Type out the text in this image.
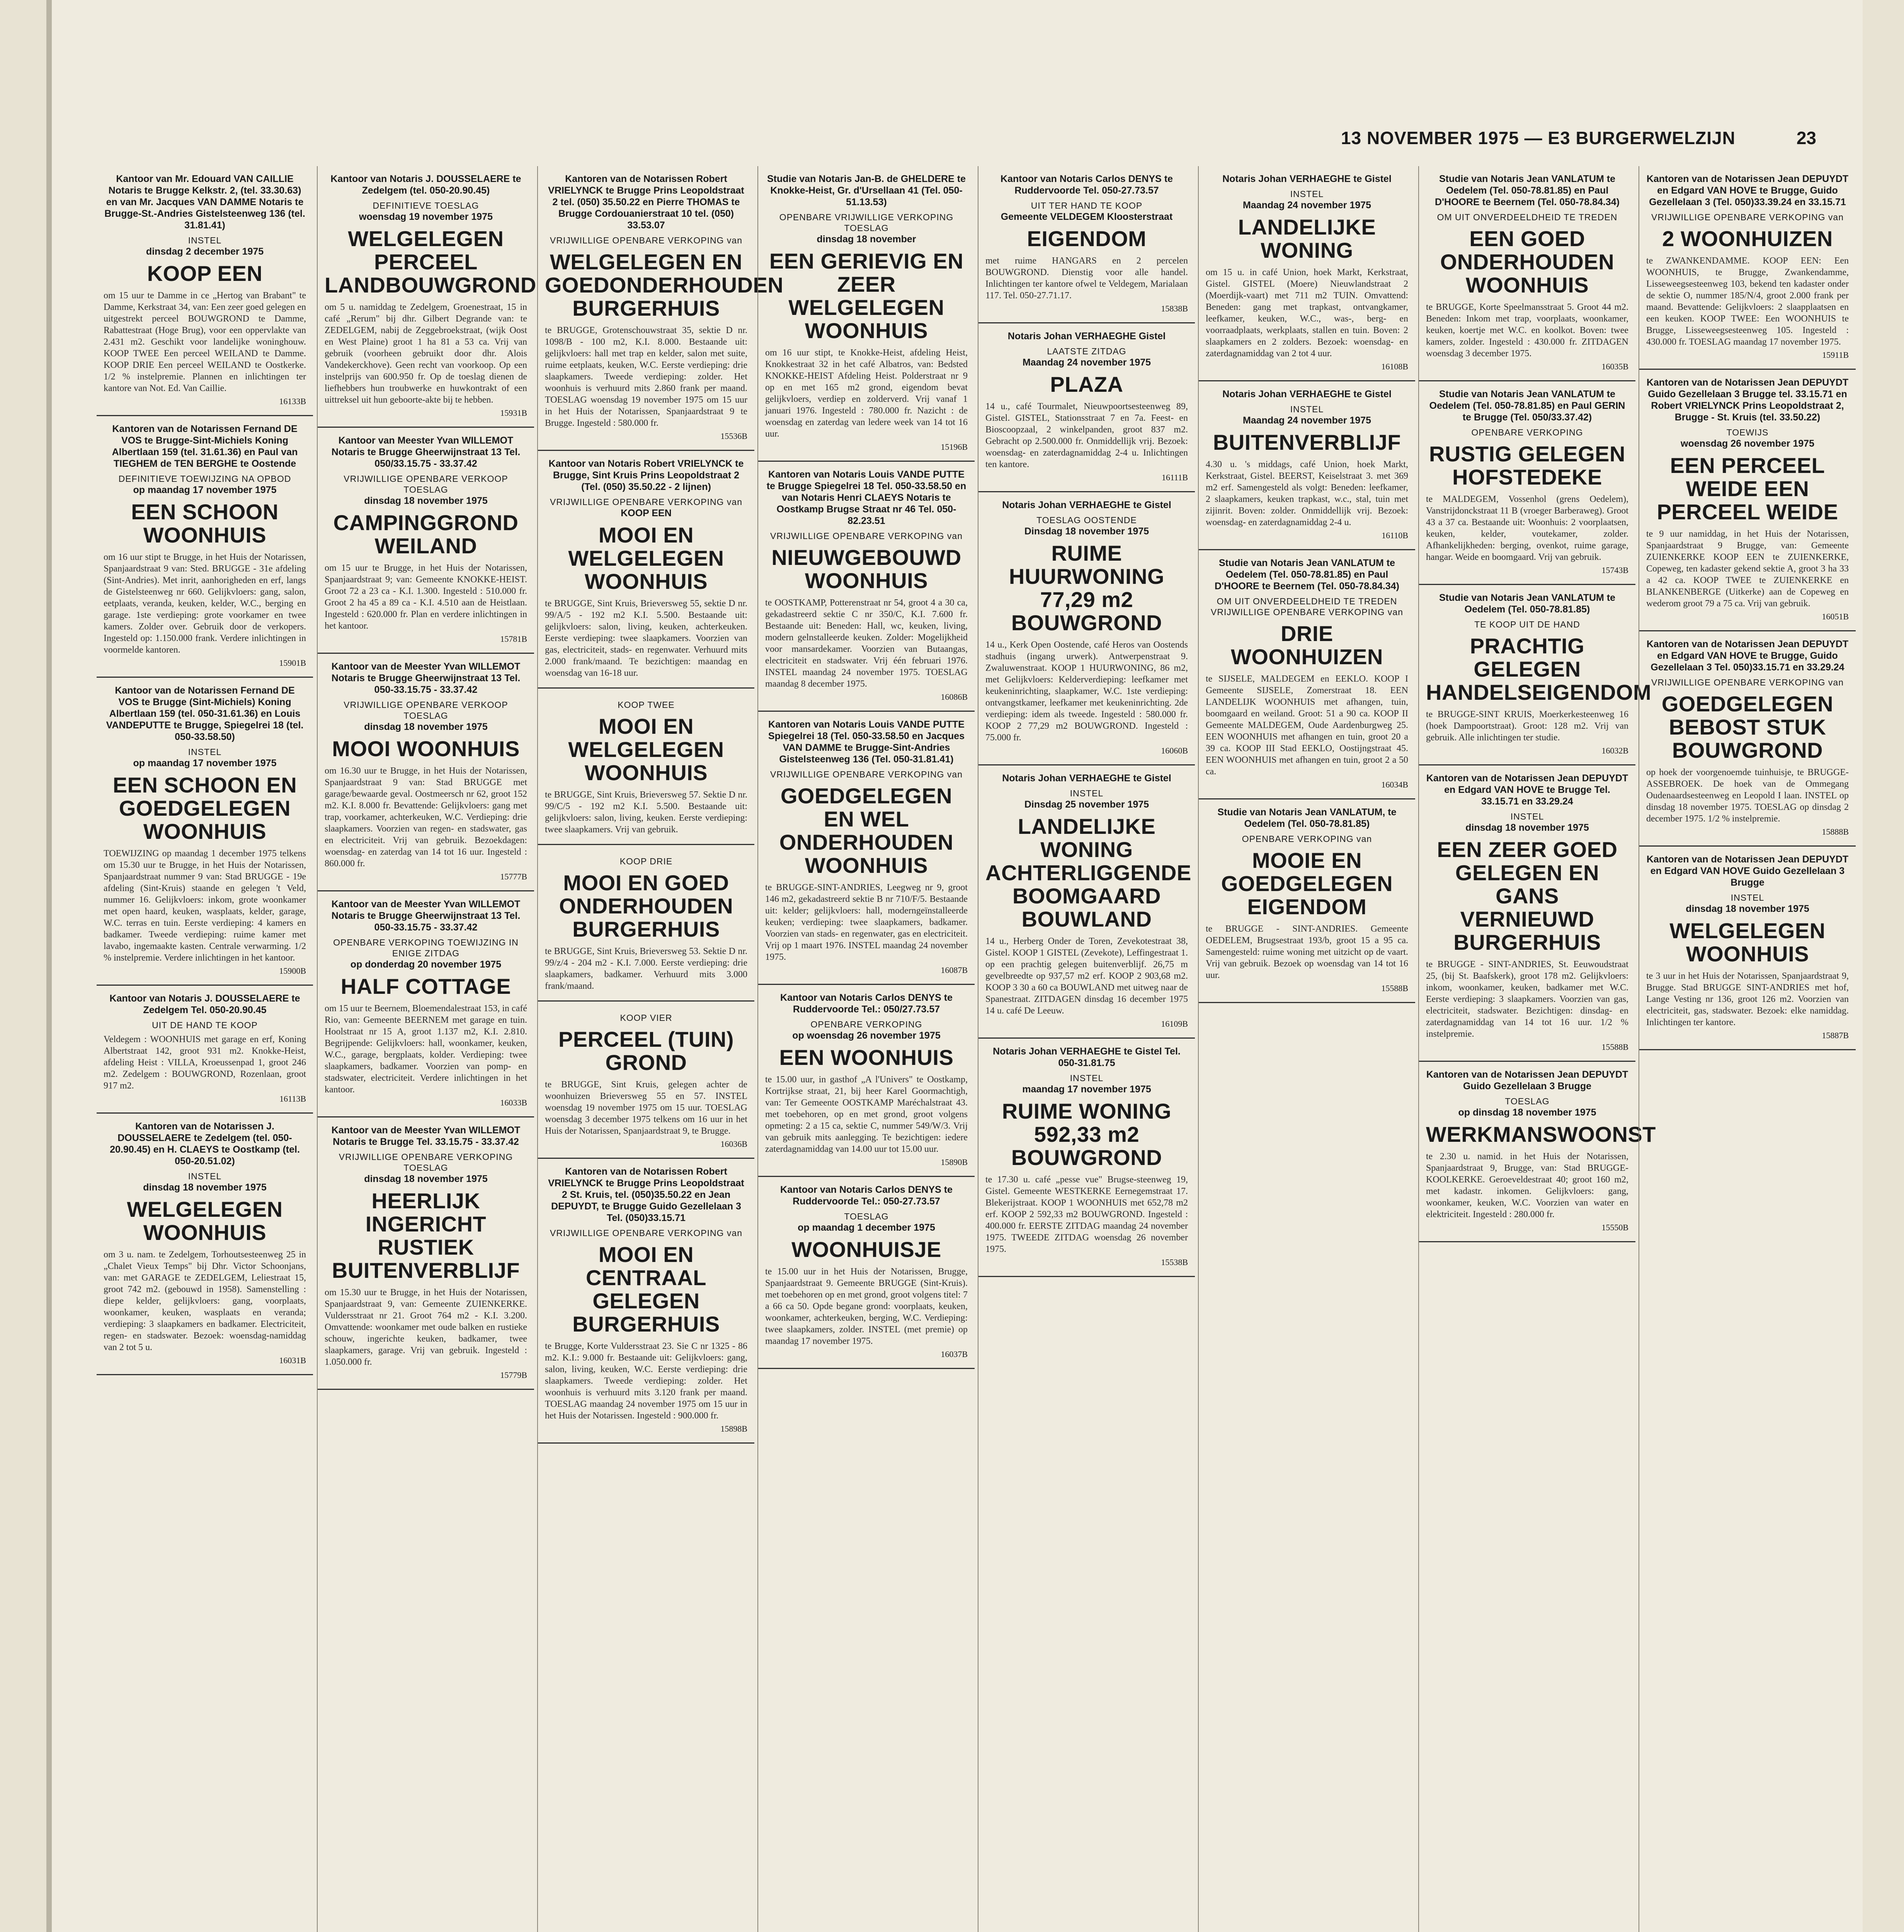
13 NOVEMBER 1975 — E3 BURGERWELZIJN	23
Kantoor van Mr. Edouard VAN CAILLIE Notaris te Brugge Kelkstr. 2, (tel. 33.30.63) en van Mr. Jacques VAN DAMME Notaris te Brugge-St.-Andries Gistelsteenweg 136 (tel. 31.81.41)
INSTEL
dinsdag 2 december 1975
KOOP EEN
om 15 uur te Damme in ce „Hertog van Brabant" te Damme, Kerkstraat 34, van: Een zeer goed gelegen en uitgestrekt perceel BOUWGROND te Damme, Rabattestraat (Hoge Brug), voor een oppervlakte van 2.431 m2. Geschikt voor landelijke woninghouw. KOOP TWEE Een perceel WEILAND te Damme. KOOP DRIE Een perceel WEILAND te Oostkerke. 1/2 % instelpremie. Plannen en inlichtingen ter kantore van Not. Ed. Van Caillie.
16133B
Kantoren van de Notarissen Fernand DE VOS te Brugge-Sint-Michiels Koning Albertlaan 159 (tel. 31.61.36) en Paul van TIEGHEM de TEN BERGHE te Oostende
DEFINITIEVE TOEWIJZING NA OPBOD
op maandag 17 november 1975
EEN SCHOON WOONHUIS
om 16 uur stipt te Brugge, in het Huis der Notarissen, Spanjaardstraat 9 van: Sted. BRUGGE - 31e afdeling (Sint-Andries). Met inrit, aanhorigheden en erf, langs de Gistelsteenweg nr 660. Gelijkvloers: gang, salon, eetplaats, veranda, keuken, kelder, W.C., berging en garage. 1ste verdieping: grote voorkamer en twee kamers. Zolder over. Gebruik door de verkopers. Ingesteld op: 1.150.000 frank. Verdere inlichtingen in voormelde kantoren.
15901B
Kantoor van de Notarissen Fernand DE VOS te Brugge (Sint-Michiels) Koning Albertlaan 159 (tel. 050-31.61.36) en Louis VANDEPUTTE te Brugge, Spiegelrei 18 (tel. 050-33.58.50)
INSTEL
op maandag 17 november 1975
EEN SCHOON EN GOEDGELEGEN WOONHUIS
TOEWIJZING op maandag 1 december 1975 telkens om 15.30 uur te Brugge, in het Huis der Notarissen, Spanjaardstraat nummer 9 van: Stad BRUGGE - 19e afdeling (Sint-Kruis) staande en gelegen 't Veld, nummer 16. Gelijkvloers: inkom, grote woonkamer met open haard, keuken, wasplaats, kelder, garage, W.C. terras en tuin. Eerste verdieping: 4 kamers en badkamer. Tweede verdieping: ruime kamer met lavabo, ingemaakte kasten. Centrale verwarming. 1/2 % instelpremie. Verdere inlichtingen in het kantoor.
15900B
Kantoor van Notaris J. DOUSSELAERE te Zedelgem Tel. 050-20.90.45
UIT DE HAND TE KOOP
Veldegem : WOONHUIS met garage en erf, Koning Albertstraat 142, groot 931 m2. Knokke-Heist, afdeling Heist : VILLA, Kroeussenpad 1, groot 246 m2. Zedelgem : BOUWGROND, Rozenlaan, groot 917 m2.
16113B
Kantoren van de Notarissen J. DOUSSELAERE te Zedelgem (tel. 050-20.90.45) en H. CLAEYS te Oostkamp (tel. 050-20.51.02)
INSTEL
dinsdag 18 november 1975
WELGELEGEN WOONHUIS
om 3 u. nam. te Zedelgem, Torhoutsesteenweg 25 in „Chalet Vieux Temps" bij Dhr. Victor Schoonjans, van: met GARAGE te ZEDELGEM, Leliestraat 15, groot 742 m2. (gebouwd in 1958). Samenstelling : diepe kelder, gelijkvloers: gang, voorplaats, woonkamer, keuken, wasplaats en veranda; verdieping: 3 slaapkamers en badkamer. Electriciteit, regen- en stadswater. Bezoek: woensdag-namiddag van 2 tot 5 u.
16031B
Kantoor van Notaris J. DOUSSELAERE te Zedelgem (tel. 050-20.90.45)
DEFINITIEVE TOESLAG
woensdag 19 november 1975
WELGELEGEN PERCEEL LANDBOUWGROND
om 5 u. namiddag te Zedelgem, Groenestraat, 15 in café „Rerum" bij dhr. Gilbert Degrande van: te ZEDELGEM, nabij de Zeggebroekstraat, (wijk Oost en West Plaine) groot 1 ha 81 a 53 ca. Vrij van gebruik (voorheen gebruikt door dhr. Alois Vandekerckhove). Geen recht van voorkoop. Op een instelprijs van 600.950 fr. Op de toeslag dienen de liefhebbers hun troubwerke en huwkontrakt of een uittreksel uit hun geboorte-akte bij te hebben.
15931B
Kantoor van Meester Yvan WILLEMOT Notaris te Brugge Gheerwijnstraat 13 Tel. 050/33.15.75 - 33.37.42
VRIJWILLIGE OPENBARE VERKOOP TOESLAG
dinsdag 18 november 1975
CAMPINGGROND WEILAND
om 15 uur te Brugge, in het Huis der Notarissen, Spanjaardstraat 9; van: Gemeente KNOKKE-HEIST. Groot 72 a 23 ca - K.I. 1.300. Ingesteld : 510.000 fr. Groot 2 ha 45 a 89 ca - K.I. 4.510 aan de Heistlaan. Ingesteld : 620.000 fr. Plan en verdere inlichtingen in het kantoor.
15781B
Kantoor van de Meester Yvan WILLEMOT Notaris te Brugge Gheerwijnstraat 13 Tel. 050-33.15.75 - 33.37.42
VRIJWILLIGE OPENBARE VERKOOP TOESLAG
dinsdag 18 november 1975
MOOI WOONHUIS
om 16.30 uur te Brugge, in het Huis der Notarissen, Spanjaardstraat 9 van: Stad BRUGGE met garage/bewaarde geval. Oostmeersch nr 62, groot 152 m2. K.I. 8.000 fr. Bevattende: Gelijkvloers: gang met trap, voorkamer, achterkeuken, W.C. Verdieping: drie slaapkamers. Voorzien van regen- en stadswater, gas en electriciteit. Vrij van gebruik. Bezoekdagen: woensdag- en zaterdag van 14 tot 16 uur. Ingesteld : 860.000 fr.
15777B
Kantoor van de Meester Yvan WILLEMOT Notaris te Brugge Gheerwijnstraat 13 Tel. 050-33.15.75 - 33.37.42
OPENBARE VERKOPING TOEWIJZING IN ENIGE ZITDAG
op donderdag 20 november 1975
HALF COTTAGE
om 15 uur te Beernem, Bloemendalestraat 153, in café Rio, van: Gemeente BEERNEM met garage en tuin. Hoolstraat nr 15 A, groot 1.137 m2, K.I. 2.810. Begrijpende: Gelijkvloers: hall, woonkamer, keuken, W.C., garage, bergplaats, kolder. Verdieping: twee slaapkamers, badkamer. Voorzien van pomp- en stadswater, electriciteit. Verdere inlichtingen in het kantoor.
16033B
Kantoor van de Meester Yvan WILLEMOT Notaris te Brugge Tel. 33.15.75 - 33.37.42
VRIJWILLIGE OPENBARE VERKOPING TOESLAG
dinsdag 18 november 1975
HEERLIJK INGERICHT RUSTIEK BUITENVERBLIJF
om 15.30 uur te Brugge, in het Huis der Notarissen, Spanjaardstraat 9, van: Gemeente ZUIENKERKE. Vuldersstraat nr 21. Groot 764 m2 - K.I. 3.200. Omvattende: woonkamer met oude balken en rustieke schouw, ingerichte keuken, badkamer, twee slaapkamers, garage. Vrij van gebruik. Ingesteld : 1.050.000 fr.
15779B
Kantoren van de Notarissen Robert VRIELYNCK te Brugge Prins Leopoldstraat 2 tel. (050) 35.50.22 en Pierre THOMAS te Brugge Cordouanierstraat 10 tel. (050) 33.53.07
VRIJWILLIGE OPENBARE VERKOPING van
WELGELEGEN EN GOEDONDERHOUDEN BURGERHUIS
te BRUGGE, Grotenschouwstraat 35, sektie D nr. 1098/B - 100 m2, K.I. 8.000. Bestaande uit: gelijkvloers: hall met trap en kelder, salon met suite, ruime eetplaats, keuken, W.C. Eerste verdieping: drie slaapkamers. Tweede verdieping: zolder. Het woonhuis is verhuurd mits 2.860 frank per maand. TOESLAG woensdag 19 november 1975 om 15 uur in het Huis der Notarissen, Spanjaardstraat 9 te Brugge. Ingesteld : 580.000 fr.
15536B
Kantoor van Notaris Robert VRIELYNCK te Brugge, Sint Kruis Prins Leopoldstraat 2 (Tel. (050) 35.50.22 - 2 lijnen)
VRIJWILLIGE OPENBARE VERKOPING van
KOOP EEN
MOOI EN WELGELEGEN WOONHUIS
te BRUGGE, Sint Kruis, Brieversweg 55, sektie D nr. 99/A/5 - 192 m2 K.I. 5.500. Bestaande uit: gelijkvloers: salon, living, keuken, achterkeuken. Eerste verdieping: twee slaapkamers. Voorzien van gas, electriciteit, stads- en regenwater. Verhuurd mits 2.000 frank/maand. Te bezichtigen: maandag en woensdag van 16-18 uur.
KOOP TWEE
MOOI EN WELGELEGEN WOONHUIS
te BRUGGE, Sint Kruis, Brieversweg 57. Sektie D nr. 99/C/5 - 192 m2 K.I. 5.500. Bestaande uit: gelijkvloers: salon, living, keuken. Eerste verdieping: twee slaapkamers. Vrij van gebruik.
KOOP DRIE
MOOI EN GOED ONDERHOUDEN BURGERHUIS
te BRUGGE, Sint Kruis, Brieversweg 53. Sektie D nr. 99/z/4 - 204 m2 - K.I. 7.000. Eerste verdieping: drie slaapkamers, badkamer. Verhuurd mits 3.000 frank/maand.
KOOP VIER
PERCEEL (TUIN) GROND
te BRUGGE, Sint Kruis, gelegen achter de woonhuizen Brieversweg 55 en 57. INSTEL woensdag 19 november 1975 om 15 uur. TOESLAG woensdag 3 december 1975 telkens om 16 uur in het Huis der Notarissen, Spanjaardstraat 9, te Brugge.
16036B
Kantoren van de Notarissen Robert VRIELYNCK te Brugge Prins Leopoldstraat 2 St. Kruis, tel. (050)35.50.22 en Jean DEPUYDT, te Brugge Guido Gezellelaan 3 Tel. (050)33.15.71
VRIJWILLIGE OPENBARE VERKOPING van
MOOI EN CENTRAAL GELEGEN BURGERHUIS
te Brugge, Korte Vuldersstraat 23. Sie C nr 1325 - 86 m2. K.I.: 9.000 fr. Bestaande uit: Gelijkvloers: gang, salon, living, keuken, W.C. Eerste verdieping: drie slaapkamers. Tweede verdieping: zolder. Het woonhuis is verhuurd mits 3.120 frank per maand. TOESLAG maandag 24 november 1975 om 15 uur in het Huis der Notarissen. Ingesteld : 900.000 fr.
15898B
Studie van Notaris Jan-B. de GHELDERE te Knokke-Heist, Gr. d'Ursellaan 41 (Tel. 050-51.13.53)
OPENBARE VRIJWILLIGE VERKOPING TOESLAG
dinsdag 18 november
EEN GERIEVIG EN ZEER WELGELEGEN WOONHUIS
om 16 uur stipt, te Knokke-Heist, afdeling Heist, Knokkestraat 32 in het café Albatros, van: Bedsted KNOKKE-HEIST Afdeling Heist. Polderstraat nr 9 op en met 165 m2 grond, eigendom bevat gelijkvloers, verdiep en zolderverd. Vrij vanaf 1 januari 1976. Ingesteld : 780.000 fr. Nazicht : de woensdag en zaterdag van ledere week van 14 tot 16 uur.
15196B
Kantoren van Notaris Louis VANDE PUTTE te Brugge Spiegelrei 18 Tel. 050-33.58.50 en van Notaris Henri CLAEYS Notaris te Oostkamp Brugse Straat nr 46 Tel. 050-82.23.51
VRIJWILLIGE OPENBARE VERKOPING van
NIEUWGEBOUWD WOONHUIS
te OOSTKAMP, Potterenstraat nr 54, groot 4 a 30 ca, gekadastreerd sektie C nr 350/C, K.I. 7.600 fr. Bestaande uit: Beneden: Hall, wc, keuken, living, modern gelnstalleerde keuken. Zolder: Mogelijkheid voor mansardekamer. Voorzien van Butaangas, electriciteit en stadswater. Vrij één februari 1976. INSTEL maandag 24 november 1975. TOESLAG maandag 8 december 1975.
16086B
Kantoren van Notaris Louis VANDE PUTTE Spiegelrei 18 (Tel. 050-33.58.50 en Jacques VAN DAMME te Brugge-Sint-Andries Gistelsteenweg 136 (Tel. 050-31.81.41)
VRIJWILLIGE OPENBARE VERKOPING van
GOEDGELEGEN EN WEL ONDERHOUDEN WOONHUIS
te BRUGGE-SINT-ANDRIES, Leegweg nr 9, groot 146 m2, gekadastreerd sektie B nr 710/F/5. Bestaande uit: kelder; gelijkvloers: hall, moderngeïnstalleerde keuken; verdieping: twee slaapkamers, badkamer. Voorzien van stads- en regenwater, gas en electriciteit. Vrij op 1 maart 1976. INSTEL maandag 24 november 1975.
16087B
Kantoor van Notaris Carlos DENYS te Ruddervoorde Tel.: 050/27.73.57
OPENBARE VERKOPING
op woensdag 26 november 1975
EEN WOONHUIS
te 15.00 uur, in gasthof „A l'Univers" te Oostkamp, Kortrijkse straat, 21, bij heer Karel Goormachtigh, van: Ter Gemeente OOSTKAMP Maréchalstraat 43. met toebehoren, op en met grond, groot volgens opmeting: 2 a 15 ca, sektie C, nummer 549/W/3. Vrij van gebruik mits aanlegging. Te bezichtigen: iedere zaterdagnamiddag van 14.00 uur tot 15.00 uur.
15890B
Kantoor van Notaris Carlos DENYS te Ruddervoorde Tel.: 050-27.73.57
TOESLAG
op maandag 1 december 1975
WOONHUISJE
te 15.00 uur in het Huis der Notarissen, Brugge, Spanjaardstraat 9. Gemeente BRUGGE (Sint-Kruis). met toebehoren op en met grond, groot volgens titel: 7 a 66 ca 50. Opde begane grond: voorplaats, keuken, woonkamer, achterkeuken, berging, W.C. Verdieping: twee slaapkamers, zolder. INSTEL (met premie) op maandag 17 november 1975.
16037B
Kantoor van Notaris Carlos DENYS te Ruddervoorde Tel. 050-27.73.57
UIT TER HAND TE KOOP
Gemeente VELDEGEM Kloosterstraat
EIGENDOM
met ruime HANGARS en 2 percelen BOUWGROND. Dienstig voor alle handel. Inlichtingen ter kantore ofwel te Veldegem, Marialaan 117. Tel. 050-27.71.17.
15838B
Notaris Johan VERHAEGHE Gistel
LAATSTE ZITDAG
Maandag 24 november 1975
PLAZA
14 u., café Tourmalet, Nieuwpoortsesteenweg 89, Gistel. GISTEL, Stationsstraat 7 en 7a. Feest- en Bioscoopzaal, 2 winkelpanden, groot 837 m2. Gebracht op 2.500.000 fr. Onmiddellijk vrij. Bezoek: woensdag- en zaterdagnamiddag 2-4 u. Inlichtingen ten kantore.
16111B
Notaris Johan VERHAEGHE te Gistel
TOESLAG OOSTENDE
Dinsdag 18 november 1975
RUIME HUURWONING 77,29 m2 BOUWGROND
14 u., Kerk Open Oostende, café Heros van Oostends stadhuis (ingang urwerk). Antwerpenstraat 9. Zwaluwenstraat. KOOP 1 HUURWONING, 86 m2, met Gelijkvloers: Kelderverdieping: leefkamer met keukeninrichting, slaapkamer, W.C. 1ste verdieping: ontvangstkamer, leefkamer met keukeninrichting. 2de verdieping: idem als tweede. Ingesteld : 580.000 fr. KOOP 2 77,29 m2 BOUWGROND. Ingesteld : 75.000 fr.
16060B
Notaris Johan VERHAEGHE te Gistel
INSTEL
Dinsdag 25 november 1975
LANDELIJKE WONING ACHTERLIGGENDE BOOMGAARD BOUWLAND
14 u., Herberg Onder de Toren, Zevekotestraat 38, Gistel. KOOP 1 GISTEL (Zevekote), Leffingestraat 1. op een prachtig gelegen buitenverblijf. 26,75 m gevelbreedte op 937,57 m2 erf. KOOP 2 903,68 m2. KOOP 3 30 a 60 ca BOUWLAND met uitweg naar de Spanestraat. ZITDAGEN dinsdag 16 december 1975 14 u. café De Leeuw.
16109B
Notaris Johan VERHAEGHE te Gistel Tel. 050-31.81.75
INSTEL
maandag 17 november 1975
RUIME WONING 592,33 m2 BOUWGROND
te 17.30 u. café „pesse vue" Brugse-steenweg 19, Gistel. Gemeente WESTKERKE Eernegemstraat 17. Blekerijstraat. KOOP 1 WOONHUIS met 652,78 m2 erf. KOOP 2 592,33 m2 BOUWGROND. Ingesteld : 400.000 fr. EERSTE ZITDAG maandag 24 november 1975. TWEEDE ZITDAG woensdag 26 november 1975.
15538B
Notaris Johan VERHAEGHE te Gistel
INSTEL
Maandag 24 november 1975
LANDELIJKE WONING
om 15 u. in café Union, hoek Markt, Kerkstraat, Gistel. GISTEL (Moere) Nieuwlandstraat 2 (Moerdijk-vaart) met 711 m2 TUIN. Omvattend: Beneden: gang met trapkast, ontvangkamer, leefkamer, keuken, W.C., was-, berg- en voorraadplaats, werkplaats, stallen en tuin. Boven: 2 slaapkamers en 2 zolders. Bezoek: woensdag- en zaterdagnamiddag van 2 tot 4 uur.
16108B
Notaris Johan VERHAEGHE te Gistel
INSTEL
Maandag 24 november 1975
BUITENVERBLIJF
4.30 u. 's middags, café Union, hoek Markt, Kerkstraat, Gistel. BEERST, Keiselstraat 3. met 369 m2 erf. Samengesteld als volgt: Beneden: leefkamer, 2 slaapkamers, keuken trapkast, w.c., stal, tuin met zijinrit. Boven: zolder. Onmiddellijk vrij. Bezoek: woensdag- en zaterdagnamiddag 2-4 u.
16110B
Studie van Notaris Jean VANLATUM te Oedelem (Tel. 050-78.81.85) en Paul D'HOORE te Beernem (Tel. 050-78.84.34)
OM UIT ONVERDEELDHEID TE TREDEN VRIJWILLIGE OPENBARE VERKOPING van
DRIE WOONHUIZEN
te SIJSELE, MALDEGEM en EEKLO. KOOP I Gemeente SIJSELE, Zomerstraat 18. EEN LANDELIJK WOONHUIS met afhangen, tuin, boomgaard en weiland. Groot: 51 a 90 ca. KOOP II Gemeente MALDEGEM, Oude Aardenburgweg 25. EEN WOONHUIS met afhangen en tuin, groot 20 a 39 ca. KOOP III Stad EEKLO, Oostijngstraat 45. EEN WOONHUIS met afhangen en tuin, groot 2 a 50 ca.
16034B
Studie van Notaris Jean VANLATUM, te Oedelem (Tel. 050-78.81.85)
OPENBARE VERKOPING van
MOOIE EN GOEDGELEGEN EIGENDOM
te BRUGGE - SINT-ANDRIES. Gemeente OEDELEM, Brugsestraat 193/b, groot 15 a 95 ca. Samengesteld: ruime woning met uitzicht op de vaart. Vrij van gebruik. Bezoek op woensdag van 14 tot 16 uur.
15588B
Studie van Notaris Jean VANLATUM te Oedelem (Tel. 050-78.81.85) en Paul D'HOORE te Beernem (Tel. 050-78.84.34)
OM UIT ONVERDEELDHEID TE TREDEN
EEN GOED ONDERHOUDEN WOONHUIS
te BRUGGE, Korte Speelmansstraat 5. Groot 44 m2. Beneden: Inkom met trap, voorplaats, woonkamer, keuken, koertje met W.C. en koolkot. Boven: twee kamers, zolder. Ingesteld : 430.000 fr. ZITDAGEN woensdag 3 december 1975.
16035B
Studie van Notaris Jean VANLATUM te Oedelem (Tel. 050-78.81.85) en Paul GERIN te Brugge (Tel. 050/33.37.42)
OPENBARE VERKOPING
RUSTIG GELEGEN HOFSTEDEKE
te MALDEGEM, Vossenhol (grens Oedelem), Vanstrijdonckstraat 11 B (vroeger Barberaweg). Groot 43 a 37 ca. Bestaande uit: Woonhuis: 2 voorplaatsen, keuken, kelder, voutekamer, zolder. Afhankelijkheden: berging, ovenkot, ruime garage, hangar. Weide en boomgaard. Vrij van gebruik.
15743B
Studie van Notaris Jean VANLATUM te Oedelem (Tel. 050-78.81.85)
TE KOOP UIT DE HAND
PRACHTIG GELEGEN HANDELSEIGENDOM
te BRUGGE-SINT KRUIS, Moerkerkesteenweg 16 (hoek Dampoortstraat). Groot: 128 m2. Vrij van gebruik. Alle inlichtingen ter studie.
16032B
Kantoren van de Notarissen Jean DEPUYDT en Edgard VAN HOVE te Brugge Tel. 33.15.71 en 33.29.24
INSTEL
dinsdag 18 november 1975
EEN ZEER GOED GELEGEN EN GANS VERNIEUWD BURGERHUIS
te BRUGGE - SINT-ANDRIES, St. Eeuwoudstraat 25, (bij St. Baafskerk), groot 178 m2. Gelijkvloers: inkom, woonkamer, keuken, badkamer met W.C. Eerste verdieping: 3 slaapkamers. Voorzien van gas, electriciteit, stadswater. Bezichtigen: dinsdag- en zaterdagnamiddag van 14 tot 16 uur. 1/2 % instelpremie.
15588B
Kantoren van de Notarissen Jean DEPUYDT Guido Gezellelaan 3 Brugge
TOESLAG
op dinsdag 18 november 1975
WERKMANSWOONST
te 2.30 u. namid. in het Huis der Notarissen, Spanjaardstraat 9, Brugge, van: Stad BRUGGE-KOOLKERKE. Geroeveldestraat 40; groot 160 m2, met kadastr. inkomen. Gelijkvloers: gang, woonkamer, keuken, W.C. Voorzien van water en elektriciteit. Ingesteld : 280.000 fr.
15550B
Kantoren van de Notarissen Jean DEPUYDT en Edgard VAN HOVE te Brugge, Guido Gezellelaan 3 (Tel. 050)33.39.24 en 33.15.71
VRIJWILLIGE OPENBARE VERKOPING van
2 WOONHUIZEN
te ZWANKENDAMME. KOOP EEN: Een WOONHUIS, te Brugge, Zwankendamme, Lisseweegsesteenweg 103, bekend ten kadaster onder de sektie O, nummer 185/N/4, groot 2.000 frank per maand. Bevattende: Gelijkvloers: 2 slaapplaatsen en een keuken. KOOP TWEE: Een WOONHUIS te Brugge, Lisseweegsesteenweg 105. Ingesteld : 430.000 fr. TOESLAG maandag 17 november 1975.
15911B
Kantoren van de Notarissen Jean DEPUYDT Guido Gezellelaan 3 Brugge tel. 33.15.71 en Robert VRIELYNCK Prins Leopoldstraat 2, Brugge - St. Kruis (tel. 33.50.22)
TOEWIJS
woensdag 26 november 1975
EEN PERCEEL WEIDE EEN PERCEEL WEIDE
te 9 uur namiddag, in het Huis der Notarissen, Spanjaardstraat 9 Brugge, van: Gemeente ZUIENKERKE KOOP EEN te ZUIENKERKE, Copeweg, ten kadaster gekend sektie A, groot 3 ha 33 a 42 ca. KOOP TWEE te ZUIENKERKE en BLANKENBERGE (Uitkerke) aan de Copeweg en wederom groot 79 a 75 ca. Vrij van gebruik.
16051B
Kantoren van de Notarissen Jean DEPUYDT en Edgard VAN HOVE te Brugge, Guido Gezellelaan 3 Tel. 050)33.15.71 en 33.29.24
VRIJWILLIGE OPENBARE VERKOPING van
GOEDGELEGEN BEBOST STUK BOUWGROND
op hoek der voorgenoemde tuinhuisje, te BRUGGE-ASSEBROEK. De hoek van de Ommegang Oudenaardsesteenweg en Leopold I laan. INSTEL op dinsdag 18 november 1975. TOESLAG op dinsdag 2 december 1975. 1/2 % instelpremie.
15888B
Kantoren van de Notarissen Jean DEPUYDT en Edgard VAN HOVE Guido Gezellelaan 3 Brugge
INSTEL
dinsdag 18 november 1975
WELGELEGEN WOONHUIS
te 3 uur in het Huis der Notarissen, Spanjaardstraat 9, Brugge. Stad BRUGGE SINT-ANDRIES met hof, Lange Vesting nr 136, groot 126 m2. Voorzien van electriciteit, gas, stadswater. Bezoek: elke namiddag. Inlichtingen ter kantore.
15887B
